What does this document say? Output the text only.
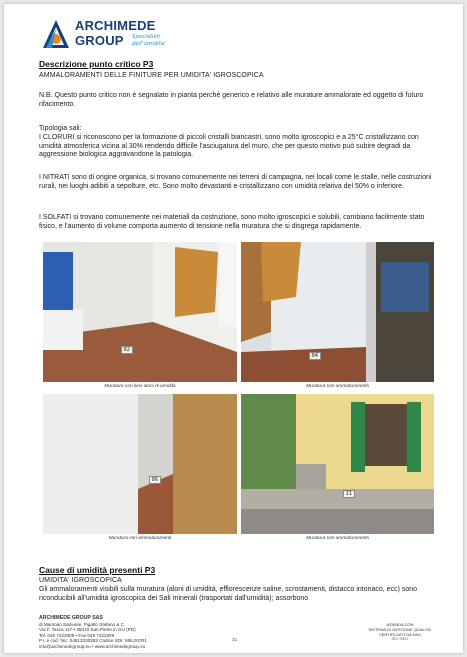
ARCHIMEDE
GROUP	Specialisti
dell'umidita'
Descrizione punto critico P3
AMMALORAMENTI DELLE FINITURE PER UMIDITA' IGROSCOPICA
N.B. Questo punto critico non è segnalato in pianta perchè generico e relativo alle murature ammalorate ed oggetto di futuro rifacimento.
Tipologia sali:
I CLORURI si riconoscono per la formazione di piccoli cristalli biancastri, sono molto igroscopici e a 25°C cristallizzano con umidità atmosferica vicina al 30% rendendo difficile l'asciugatura del muro, che per questo motivo può subire degradi da aggressione biologica aggravandone la patologia.
I NITRATI sono di origine organica, si trovano comunemente nei terreni di campagna, nei locali come le stalle, nelle costruzioni rurali, nei luoghi adibiti a sepolture, etc. Sono molto devastanti e cristallizzano con umidità relativa del 50% o inferiore.
I SOLFATI si trovano comunemente nei materiali da costruzione, sono molto igroscopici e solubili, cambiano facilmente stato fisico, e l'aumento di volume comporta aumento di tensione nella muratura che si disgrega rapidamente.
02
Muratura con lievi aloni di umidità
04
Muratura con ammaloramenti
06
Muratura con ammaloramenti
11
Muratura con ammaloramenti
Cause di umidità presenti P3
UMIDITA' IGROSCOPICA
Gli ammaloramenti visibili sulla muratura (aloni di umidità, efflorescenze saline, scrostamenti, distacco intonaco, ecc) sono riconducibili all'umidità igroscopica dei Sali minerali (trasportati dall'umidità); assorbono
ARCHIMEDE GROUP SAS
di Mantoan Samuele, Pigatto Stefano & C.
Via F. Tasca 117 • 35010 San Pietro in GU (PD)
Tel. 049 7423009 • Fax 049 7423309
P.I. e cod. fisc. 04813330283 Codice SDI: M5UXCR1
info@archimedegroup.eu • www.archimedegroup.eu
31
AZIENDA CON
SISTEMA DI GESTIONE QUALITA'
CERTIFICATO DA DNV
ISO 9001
